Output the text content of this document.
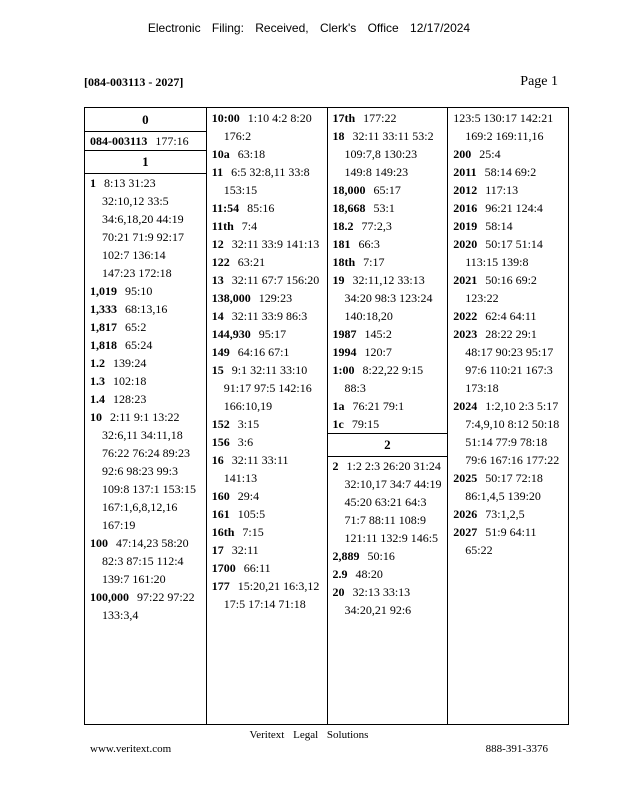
Electronic Filing: Received, Clerk's Office 12/17/2024
[084-003113 - 2027]	Page 1
0
084-003113 177:16
1
1 8:13 31:23 32:10,12 33:5 34:6,18,20 44:19 70:21 71:9 92:17 102:7 136:14 147:23 172:18
1,019 95:10
1,333 68:13,16
1,817 65:2
1,818 65:24
1.2 139:24
1.3 102:18
1.4 128:23
10 2:11 9:1 13:22 32:6,11 34:11,18 76:22 76:24 89:23 92:6 98:23 99:3 109:8 137:1 153:15 167:1,6,8,12,16 167:19
100 47:14,23 58:20 82:3 87:15 112:4 139:7 161:20
100,000 97:22 97:22 133:3,4
10:00 1:10 4:2 8:20 176:2
10a 63:18
11 6:5 32:8,11 33:8 153:15
11:54 85:16
11th 7:4
12 32:11 33:9 141:13
122 63:21
13 32:11 67:7 156:20
138,000 129:23
14 32:11 33:9 86:3
144,930 95:17
149 64:16 67:1
15 9:1 32:11 33:10 91:17 97:5 142:16 166:10,19
152 3:15
156 3:6
16 32:11 33:11 141:13
160 29:4
161 105:5
16th 7:15
17 32:11
1700 66:11
177 15:20,21 16:3,12 17:5 17:14 71:18
17th 177:22
18 32:11 33:11 53:2 109:7,8 130:23 149:8 149:23
18,000 65:17
18,668 53:1
18.2 77:2,3
181 66:3
18th 7:17
19 32:11,12 33:13 34:20 98:3 123:24 140:18,20
1987 145:2
1994 120:7
1:00 8:22,22 9:15 88:3
1a 76:21 79:1
1c 79:15
2
2 1:2 2:3 26:20 31:24 32:10,17 34:7 44:19 45:20 63:21 64:3 71:7 88:11 108:9 121:11 132:9 146:5
2,889 50:16
2.9 48:20
20 32:13 33:13 34:20,21 92:6
123:5 130:17 142:21 169:2 169:11,16
200 25:4
2011 58:14 69:2
2012 117:13
2016 96:21 124:4
2019 58:14
2020 50:17 51:14 113:15 139:8
2021 50:16 69:2 123:22
2022 62:4 64:11
2023 28:22 29:1 48:17 90:23 95:17 97:6 110:21 167:3 173:18
2024 1:2,10 2:3 5:17 7:4,9,10 8:12 50:18 51:14 77:9 78:18 79:6 167:16 177:22
2025 50:17 72:18 86:1,4,5 139:20
2026 73:1,2,5
2027 51:9 64:11 65:22
Veritext Legal Solutions
www.veritext.com	888-391-3376
